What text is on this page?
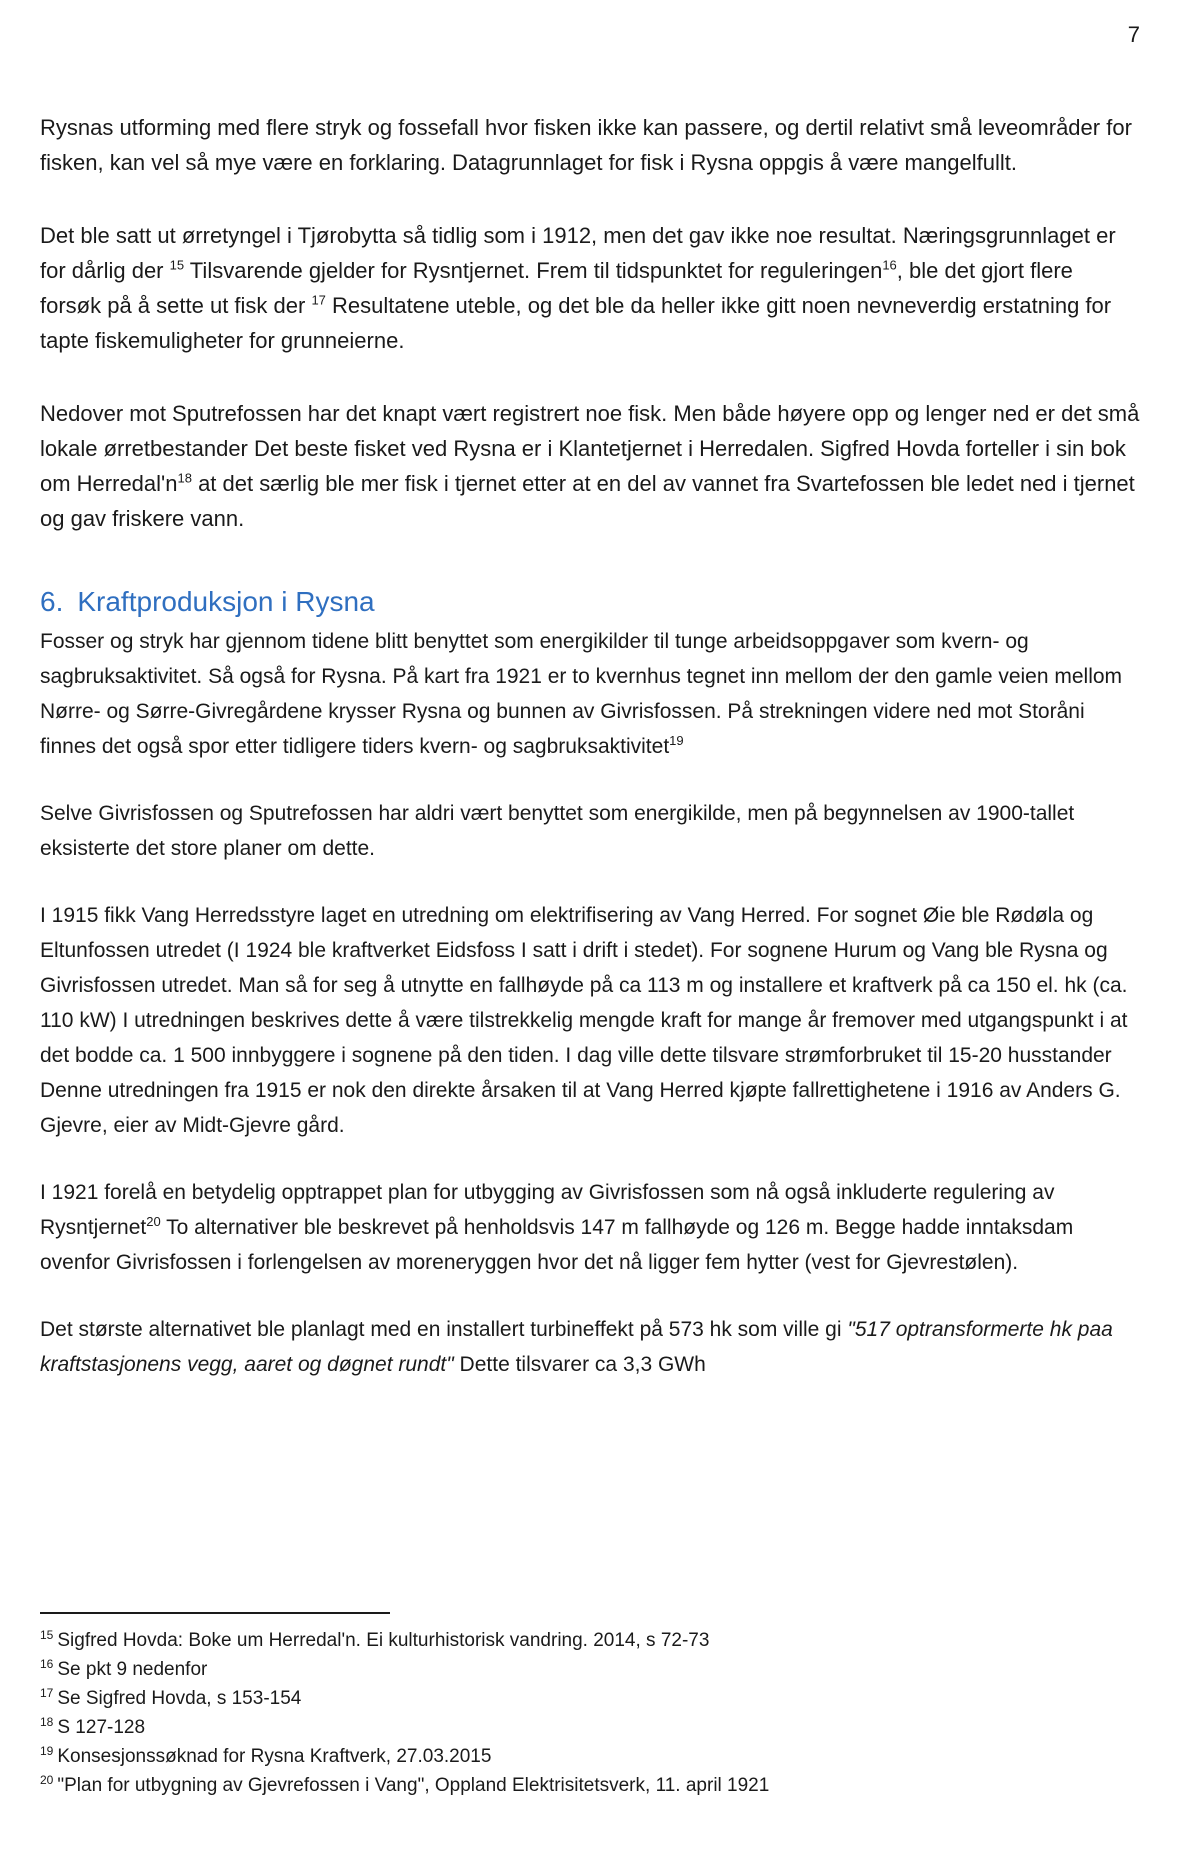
7

Rysnas utforming med flere stryk og fossefall hvor fisken ikke kan passere, og dertil relativt små leveområder for fisken, kan vel så mye være en forklaring. Datagrunnlaget for fisk i Rysna oppgis å være mangelfullt.

Det ble satt ut ørretyngel i Tjørobytta så tidlig som i 1912, men det gav ikke noe resultat. Næringsgrunnlaget er for dårlig der $^{15}$ Tilsvarende gjelder for Rysntjernet. Frem til tidspunktet for reguleringen$^{16}$, ble det gjort flere forsøk på å sette ut fisk der $^{17}$ Resultatene uteble, og det ble da heller ikke gitt noen nevneverdig erstatning for tapte fiskemuligheter for grunneierne.

Nedover mot Sputrefossen har det knapt vært registrert noe fisk. Men både høyere opp og lenger ned er det små lokale ørretbestander Det beste fisket ved Rysna er i Klantetjernet i Herredalen. Sigfred Hovda forteller i sin bok om $Herredal'n^{18}$ at det særlig ble mer fisk i tjernet etter at en del av vannet fra Svartefossen ble ledet ned i tjernet og gav friskere vann.

6. Kraftproduksjon i Rysna

Fosser og stryk har gjennom tidene blitt benyttet som energikilder til tunge arbeidsoppgaver som kvern- og sagbruksaktivitet. Så også for Rysna. På kart fra 1921 er to kvernhus tegnet inn mellom der den gamle veien mellom Nørre- og Sørre-Givregårdene krysser Rysna og bunnen av Givrisfossen. På strekningen videre ned mot Storåni finnes det også spor etter tidligere tiders kvern- og sagbruksaktivitet$^{19}$

Selve Givrisfossen og Sputrefossen har aldri vært benyttet som energikilde, men på begynnelsen av 1900-tallet eksisterte det store planer om dette.

I 1915 fikk Vang Herredsstyre laget en utredning om elektrifisering av Vang Herred. For sognet Øie ble Rødøla og Eltunfossen utredet (I 1924 ble kraftverket Eidsfoss I satt i drift i stedet). For sognene Hurum og Vang ble Rysna og Givrisfossen utredet. Man så for seg å utnytte en fallhøyde på ca 113 m og installere et kraftverk på ca 150 el. hk (ca. 110 kW) I utredningen beskrives dette å være tilstrekkelig mengde kraft for mange år fremover med utgangspunkt i at det bodde ca. 1 500 innbyggere i sognene på den tiden. I dag ville dette tilsvare strømforbruket til 15-20 husstander Denne utredningen fra 1915 er nok den direkte årsaken til at Vang Herred kjøpte fallrettighetene i 1916 av Anders G. Gjevre, eier av Midt-Gjevre gård.

I 1921 forelå en betydelig opptrappet plan for utbygging av Givrisfossen som nå også inkluderte regulering av Rysntjernet$^{20}$ To alternativer ble beskrevet på henholdsvis 147 m fallhøyde og 126 m. Begge hadde inntaksdam ovenfor Givrisfossen i forlengelsen av moreneryggen hvor det nå ligger fem hytter (vest for Gjevrestølen).

Det største alternativet ble planlagt med en installert turbineffekt på 573 hk som ville gi "517 optransformerte hk paa kraftstasjonens vegg, aaret og døgnet rundt" Dette tilsvarer ca 3,3 GWh

$^{15}$ Sigfred Hovda: Boke um Herredal'n. Ei kulturhistorisk vandring. 2014, s 72-73
$^{16}$ Se pkt 9 nedenfor
$^{17}$ Se Sigfred Hovda, s 153-154
$^{18}$ S 127-128
$^{19}$ Konsesjonssøknad for Rysna Kraftverk, 27.03.2015
$^{20}$ "Plan for utbygning av Gjevrefossen i Vang", Oppland Elektrisitetsverk, 11. april 1921
